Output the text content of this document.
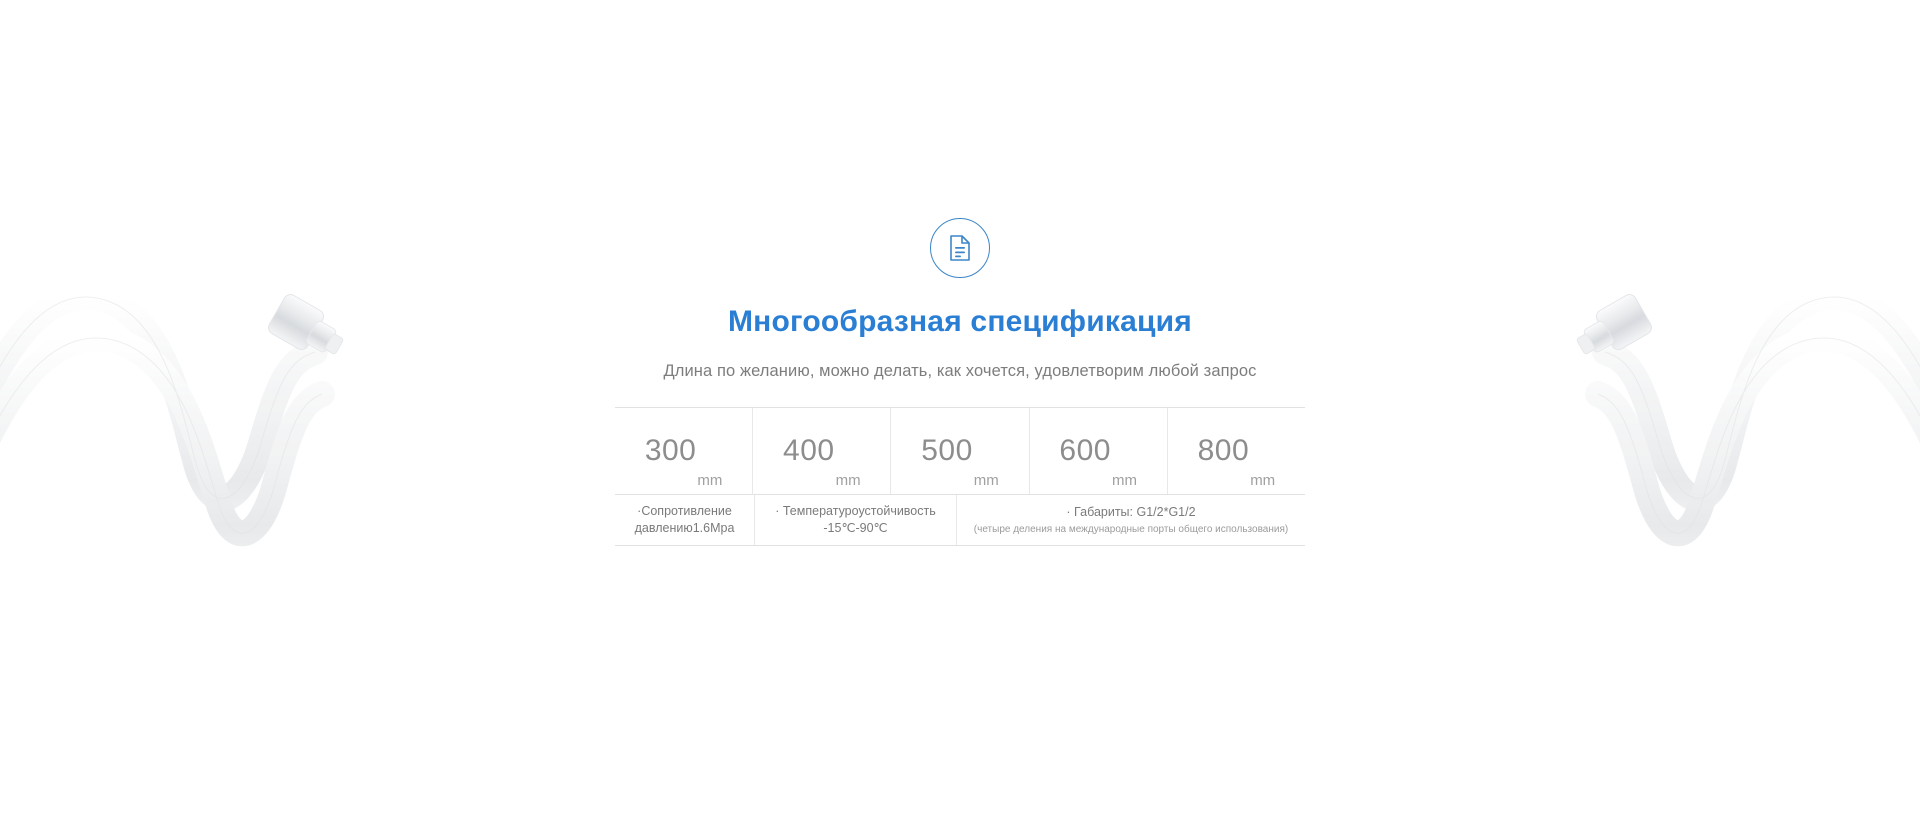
Многообразная спецификация

Длина по желанию, можно делать, как хочется, удовлетворим любой запрос

300
mm
400
mm
500
mm
600
mm
800
mm
·Сопротивление давлению1.6Mpa
· Температуроустойчивость -15℃-90℃
· Габариты: G1/2*G1/2
(четыре деления на международные порты общего использования)
